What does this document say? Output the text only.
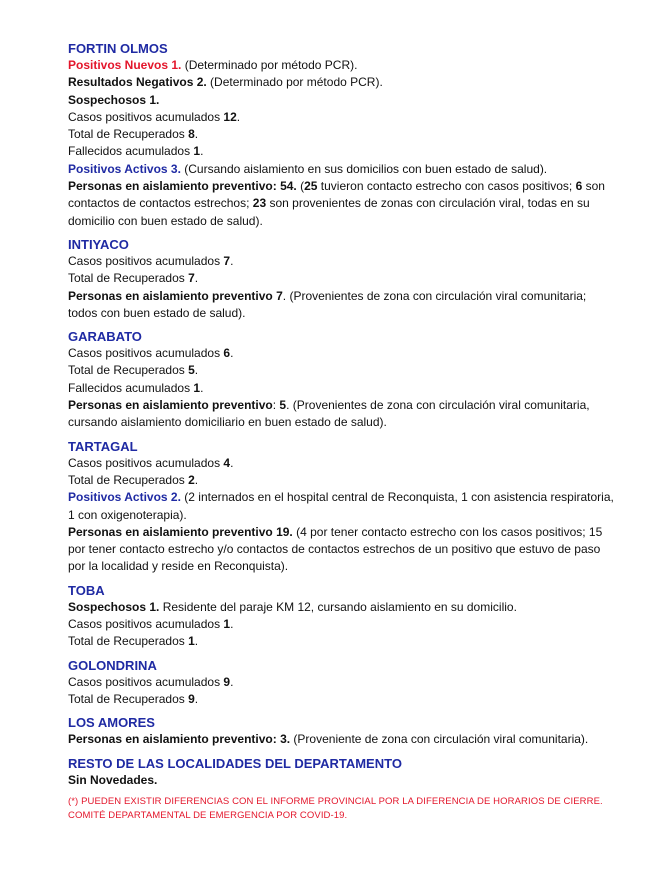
FORTIN OLMOS
Positivos Nuevos 1. (Determinado por método PCR).
Resultados Negativos 2. (Determinado por método PCR).
Sospechosos 1.
Casos positivos acumulados 12.
Total de Recuperados 8.
Fallecidos acumulados 1.
Positivos Activos 3. (Cursando aislamiento en sus domicilios con buen estado de salud).
Personas en aislamiento preventivo: 54. (25 tuvieron contacto estrecho con casos positivos; 6 son contactos de contactos estrechos; 23 son provenientes de zonas con circulación viral, todas en su domicilio con buen estado de salud).
INTIYACO
Casos positivos acumulados 7.
Total de Recuperados 7.
Personas en aislamiento preventivo 7. (Provenientes de zona con circulación viral comunitaria; todos con buen estado de salud).
GARABATO
Casos positivos acumulados 6.
Total de Recuperados 5.
Fallecidos acumulados 1.
Personas en aislamiento preventivo: 5. (Provenientes de zona con circulación viral comunitaria, cursando aislamiento domiciliario en buen estado de salud).
TARTAGAL
Casos positivos acumulados 4.
Total de Recuperados 2.
Positivos Activos 2. (2 internados en el hospital central de Reconquista, 1 con asistencia respiratoria, 1 con oxigenoterapia).
Personas en aislamiento preventivo 19. (4 por tener contacto estrecho con los casos positivos; 15 por tener contacto estrecho y/o contactos de contactos estrechos de un positivo que estuvo de paso por la localidad y reside en Reconquista).
TOBA
Sospechosos 1. Residente del paraje KM 12, cursando aislamiento en su domicilio.
Casos positivos acumulados 1.
Total de Recuperados 1.
GOLONDRINA
Casos positivos acumulados 9.
Total de Recuperados 9.
LOS AMORES
Personas en aislamiento preventivo: 3. (Proveniente de zona con circulación viral comunitaria).
RESTO DE LAS LOCALIDADES DEL DEPARTAMENTO
Sin Novedades.
(*) PUEDEN EXISTIR DIFERENCIAS CON EL INFORME PROVINCIAL POR LA DIFERENCIA DE HORARIOS DE CIERRE.
COMITÉ DEPARTAMENTAL DE EMERGENCIA POR COVID-19.
